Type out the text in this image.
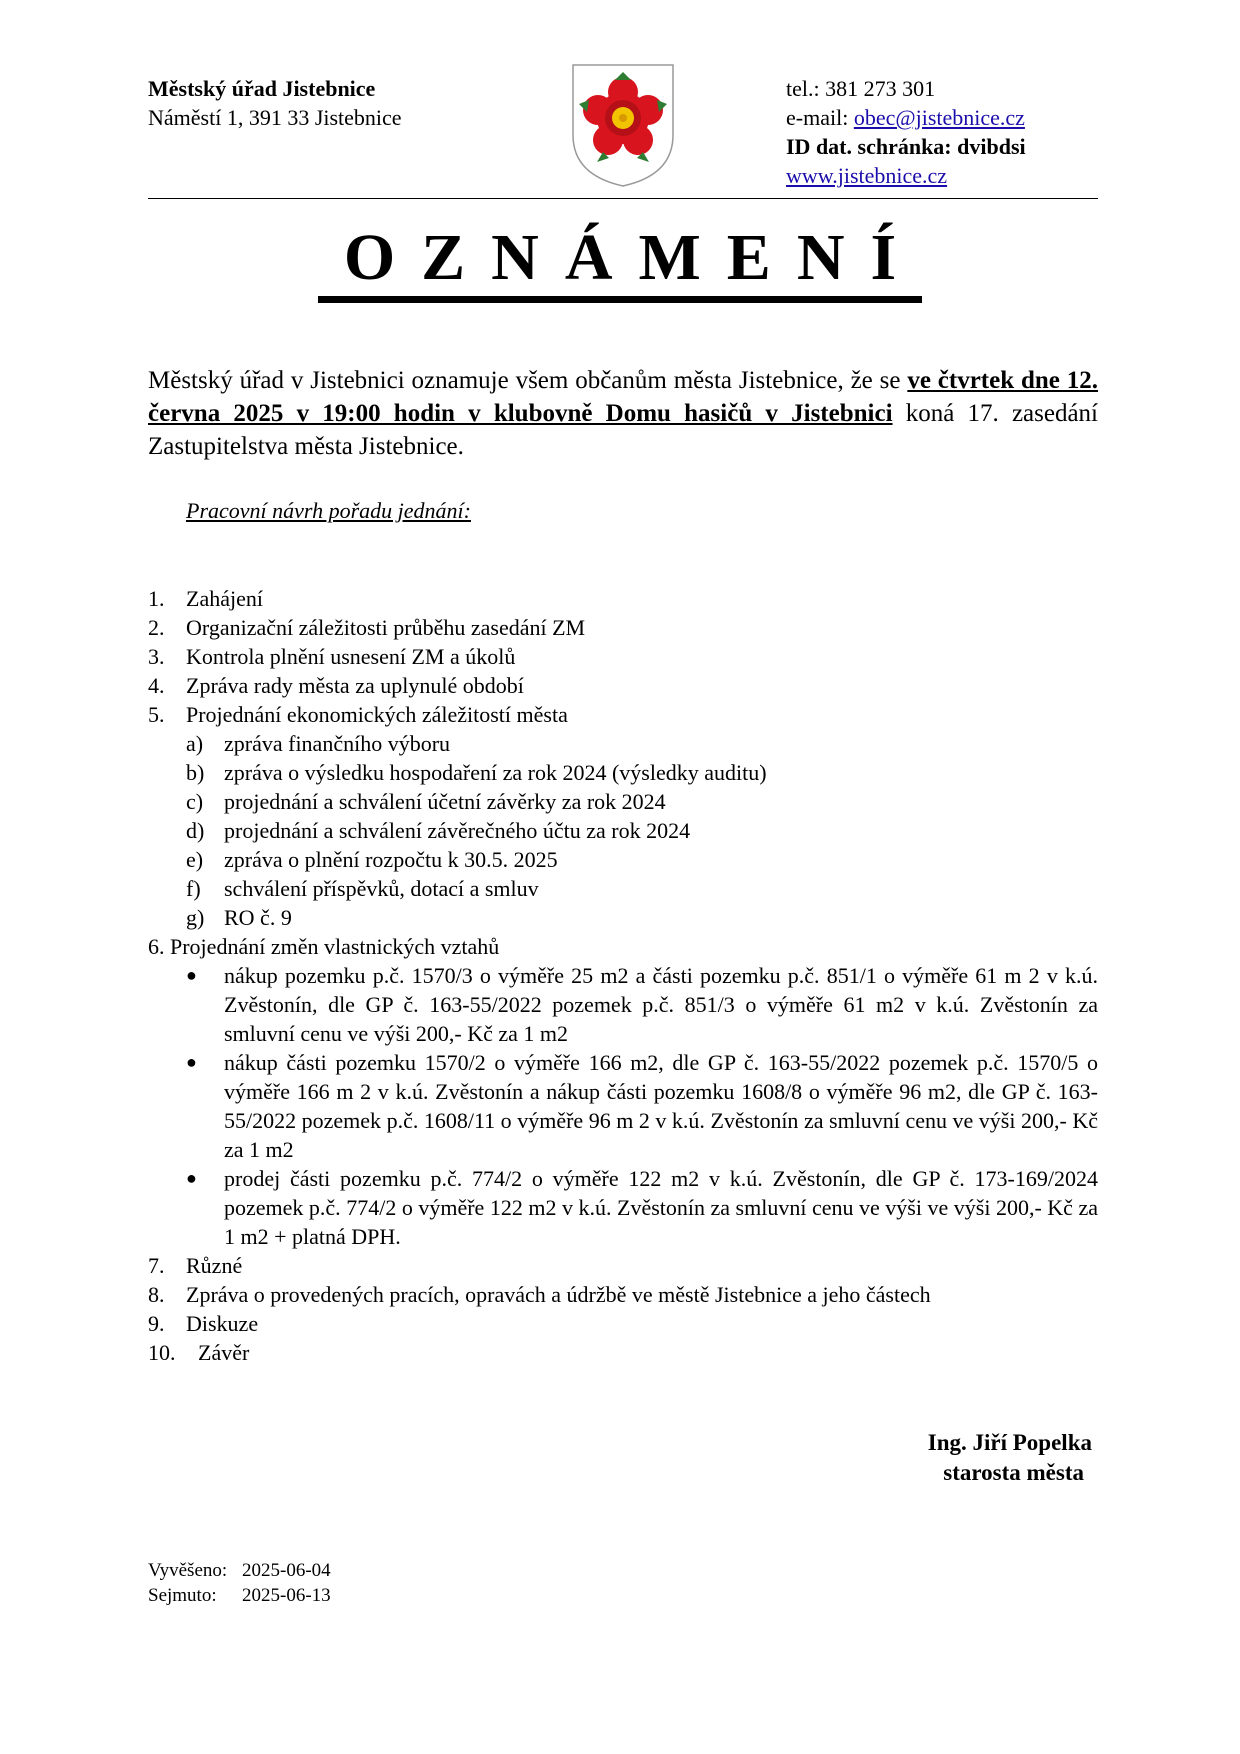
Městský úřad Jistebnice
Náměstí 1, 391 33 Jistebnice
tel.: 381 273 301
e-mail: obec@jistebnice.cz
ID dat. schránka: dvibdsi
www.jistebnice.cz
OZNÁMENÍ
Městský úřad v Jistebnici oznamuje všem občanům města Jistebnice, že se ve čtvrtek dne 12. června 2025 v 19:00 hodin v klubovně Domu hasičů v Jistebnici koná 17. zasedání Zastupitelstva města Jistebnice.
Pracovní návrh pořadu jednání:
1. Zahájení
2. Organizační záležitosti průběhu zasedání ZM
3. Kontrola plnění usnesení ZM a úkolů
4. Zpráva rady města za uplynulé období
5. Projednání ekonomických záležitostí města
a) zpráva finančního výboru
b) zpráva o výsledku hospodaření za rok 2024 (výsledky auditu)
c) projednání a schválení účetní závěrky za rok 2024
d) projednání a schválení závěrečného účtu za rok 2024
e) zpráva o plnění rozpočtu k 30.5. 2025
f)	schválení příspěvků, dotací a smluv
g) RO č. 9
6. Projednání změn vlastnických vztahů
●	nákup pozemku p.č. 1570/3 o výměře 25 m2 a části pozemku p.č. 851/1 o výměře 61 m 2 v k.ú. Zvěstonín, dle GP č. 163-55/2022 pozemek p.č. 851/3 o výměře 61 m2 v k.ú. Zvěstonín za smluvní cenu ve výši 200,- Kč za 1 m2
●	nákup části pozemku 1570/2 o výměře 166 m2, dle GP č. 163-55/2022 pozemek p.č. 1570/5 o výměře 166 m 2 v k.ú. Zvěstonín a nákup části pozemku 1608/8 o výměře 96 m2, dle GP č. 163-55/2022 pozemek p.č. 1608/11 o výměře 96 m 2 v k.ú. Zvěstonín za smluvní cenu ve výši 200,- Kč za 1 m2
●	prodej části pozemku p.č. 774/2 o výměře 122 m2 v k.ú. Zvěstonín, dle GP č. 173-169/2024 pozemek p.č. 774/2 o výměře 122 m2 v k.ú. Zvěstonín za smluvní cenu ve výši ve výši 200,- Kč za 1 m2 + platná DPH.
7. Různé
8. Zpráva o provedených pracích, opravách a údržbě ve městě Jistebnice a jeho částech
9. Diskuze
10.	Závěr
Ing. Jiří Popelka
starosta města
Vyvěšeno: 2025-06-04
Sejmuto: 2025-06-13
